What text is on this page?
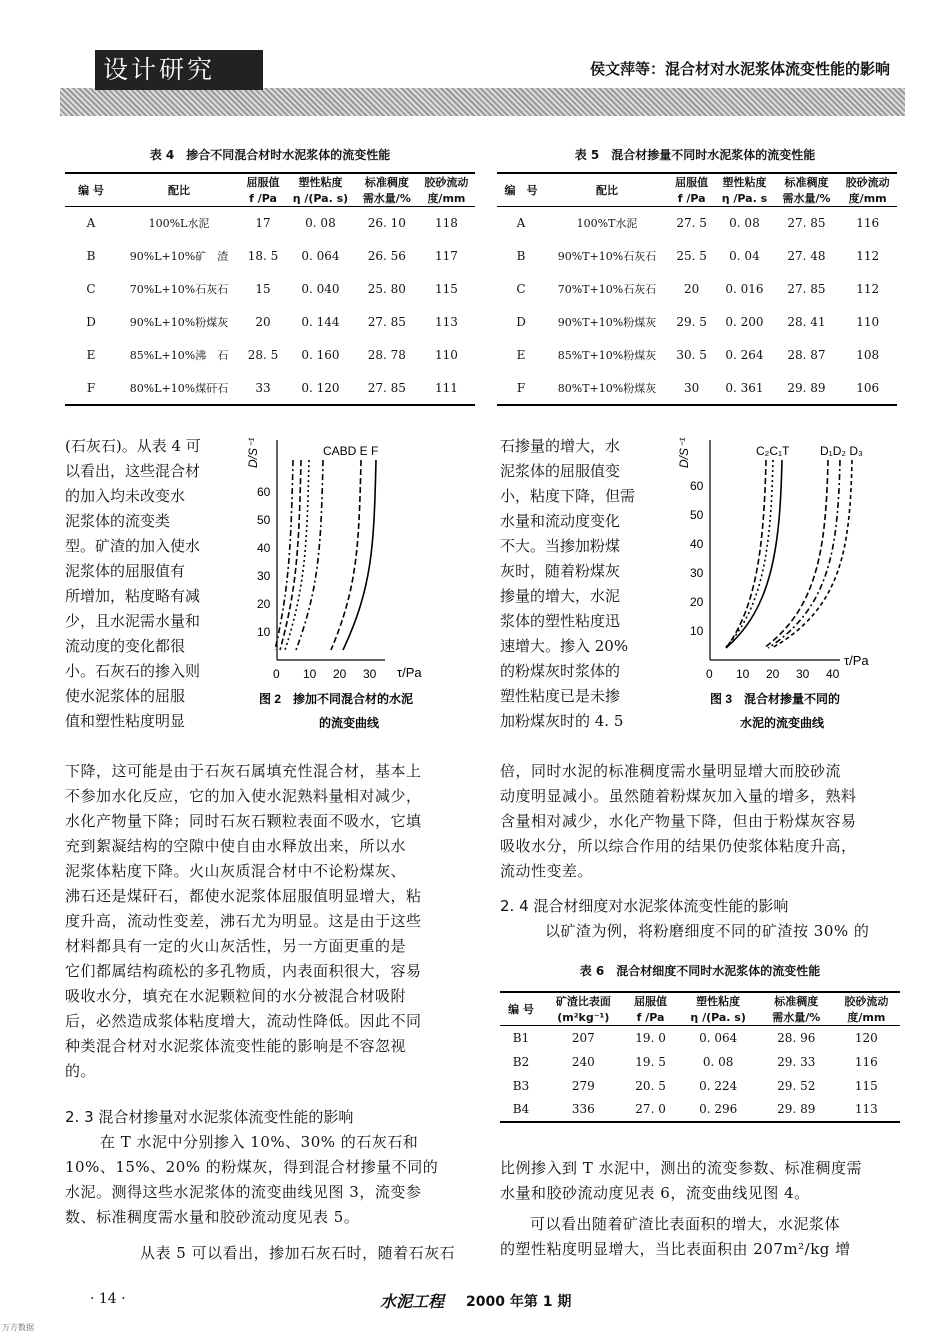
设计研究	侯文萍等：混合材对水泥浆体流变性能的影响
表 4　掺合不同混合材时水泥浆体的流变性能
编 号	配比	屈服值	塑性粘度	标准稠度	胶砂流动
		f /Pa	η /(Pa. s)	需水量/%	度/mm
A	100%L水泥	17	0. 08	26. 10	118
B	90%L+10%矿　渣	18. 5	0. 064	26. 56	117
C	70%L+10%石灰石	15	0. 040	25. 80	115
D	90%L+10%粉煤灰	20	0. 144	27. 85	113
E	85%L+10%沸　石	28. 5	0. 160	28. 78	110
F	80%L+10%煤矸石	33	0. 120	27. 85	111
表 5　混合材掺量不同时水泥浆体的流变性能
编　号	配比	屈服值	塑性粘度	标准稠度	胶砂流动
		f /Pa	η /Pa. s	需水量/%	度/mm
A	100%T水泥	27. 5	0. 08	27. 85	116
B	90%T+10%石灰石	25. 5	0. 04	27. 48	112
C	70%T+10%石灰石	20	0. 016	27. 85	112
D	90%T+10%粉煤灰	29. 5	0. 200	28. 41	110
E	85%T+10%粉煤灰	30. 5	0. 264	28. 87	108
F	80%T+10%粉煤灰	30	0. 361	29. 89	106
(石灰石)。从表 4 可
以看出，这些混合材
的加入均未改变水
泥浆体的流变类
型。矿渣的加入使水
泥浆体的屈服值有
所增加，粘度略有减
少，且水泥需水量和
流动度的变化都很
小。石灰石的掺入则
使水泥浆体的屈服
值和塑性粘度明显
D/S⁻¹
τ/Pa
10
20
30
40
50
60
0 10 20 30
CABD E F
图 2　掺加不同混合材的水泥
的流变曲线
下降，这可能是由于石灰石属填充性混合材，基本上
不参加水化反应，它的加入使水泥熟料量相对减少，
水化产物量下降；同时石灰石颗粒表面不吸水，它填
充到絮凝结构的空隙中使自由水释放出来，所以水
泥浆体粘度下降。火山灰质混合材中不论粉煤灰、
沸石还是煤矸石，都使水泥浆体屈服值明显增大，粘
度升高，流动性变差，沸石尤为明显。这是由于这些
材料都具有一定的火山灰活性，另一方面更重的是
它们都属结构疏松的多孔物质，内表面积很大，容易
吸收水分，填充在水泥颗粒间的水分被混合材吸附
后，必然造成浆体粘度增大，流动性降低。因此不同
种类混合材对水泥浆体流变性能的影响是不容忽视
的。
2. 3 混合材掺量对水泥浆体流变性能的影响
在 T 水泥中分别掺入 10%、30% 的石灰石和
10%、15%、20% 的粉煤灰，得到混合材掺量不同的
水泥。测得这些水泥浆体的流变曲线见图 3，流变参
数、标准稠度需水量和胶砂流动度见表 5。
从表 5 可以看出，掺加石灰石时，随着石灰石
石掺量的增大，水
泥浆体的屈服值变
小，粘度下降，但需
水量和流动度变化
不大。当掺加粉煤
灰时，随着粉煤灰
掺量的增大，水泥
浆体的塑性粘度迅
速增大。掺入 20%
的粉煤灰时浆体的
塑性粘度已是未掺
加粉煤灰时的 4. 5
D/S⁻¹
τ/Pa
10
20
30
40
50
60
0 10 20 30 40
C₂C₁T	D₁D₂ D₃
图 3　混合材掺量不同的
水泥的流变曲线
倍，同时水泥的标准稠度需水量明显增大而胶砂流
动度明显减小。虽然随着粉煤灰加入量的增多，熟料
含量相对减少，水化产物量下降，但由于粉煤灰容易
吸收水分，所以综合作用的结果仍使浆体粘度升高，
流动性变差。
2. 4 混合材细度对水泥浆体流变性能的影响
以矿渣为例，将粉磨细度不同的矿渣按 30% 的
表 6　混合材细度不同时水泥浆体的流变性能
编 号	矿渣比表面	屈服值	塑性粘度	标准稠度	胶砂流动
	(m²kg⁻¹)	f /Pa	η /(Pa. s)	需水量/%	度/mm
B1	207	19. 0	0. 064	28. 96	120
B2	240	19. 5	0. 08	29. 33	116
B3	279	20. 5	0. 224	29. 52	115
B4	336	27. 0	0. 296	29. 89	113
比例掺入到 T 水泥中，测出的流变参数、标准稠度需
水量和胶砂流动度见表 6，流变曲线见图 4。
可以看出随着矿渣比表面积的增大，水泥浆体
的塑性粘度明显增大，当比表面积由 207m²/kg 增
· 14 ·	水泥工程 2000 年第 1 期
万方数据
